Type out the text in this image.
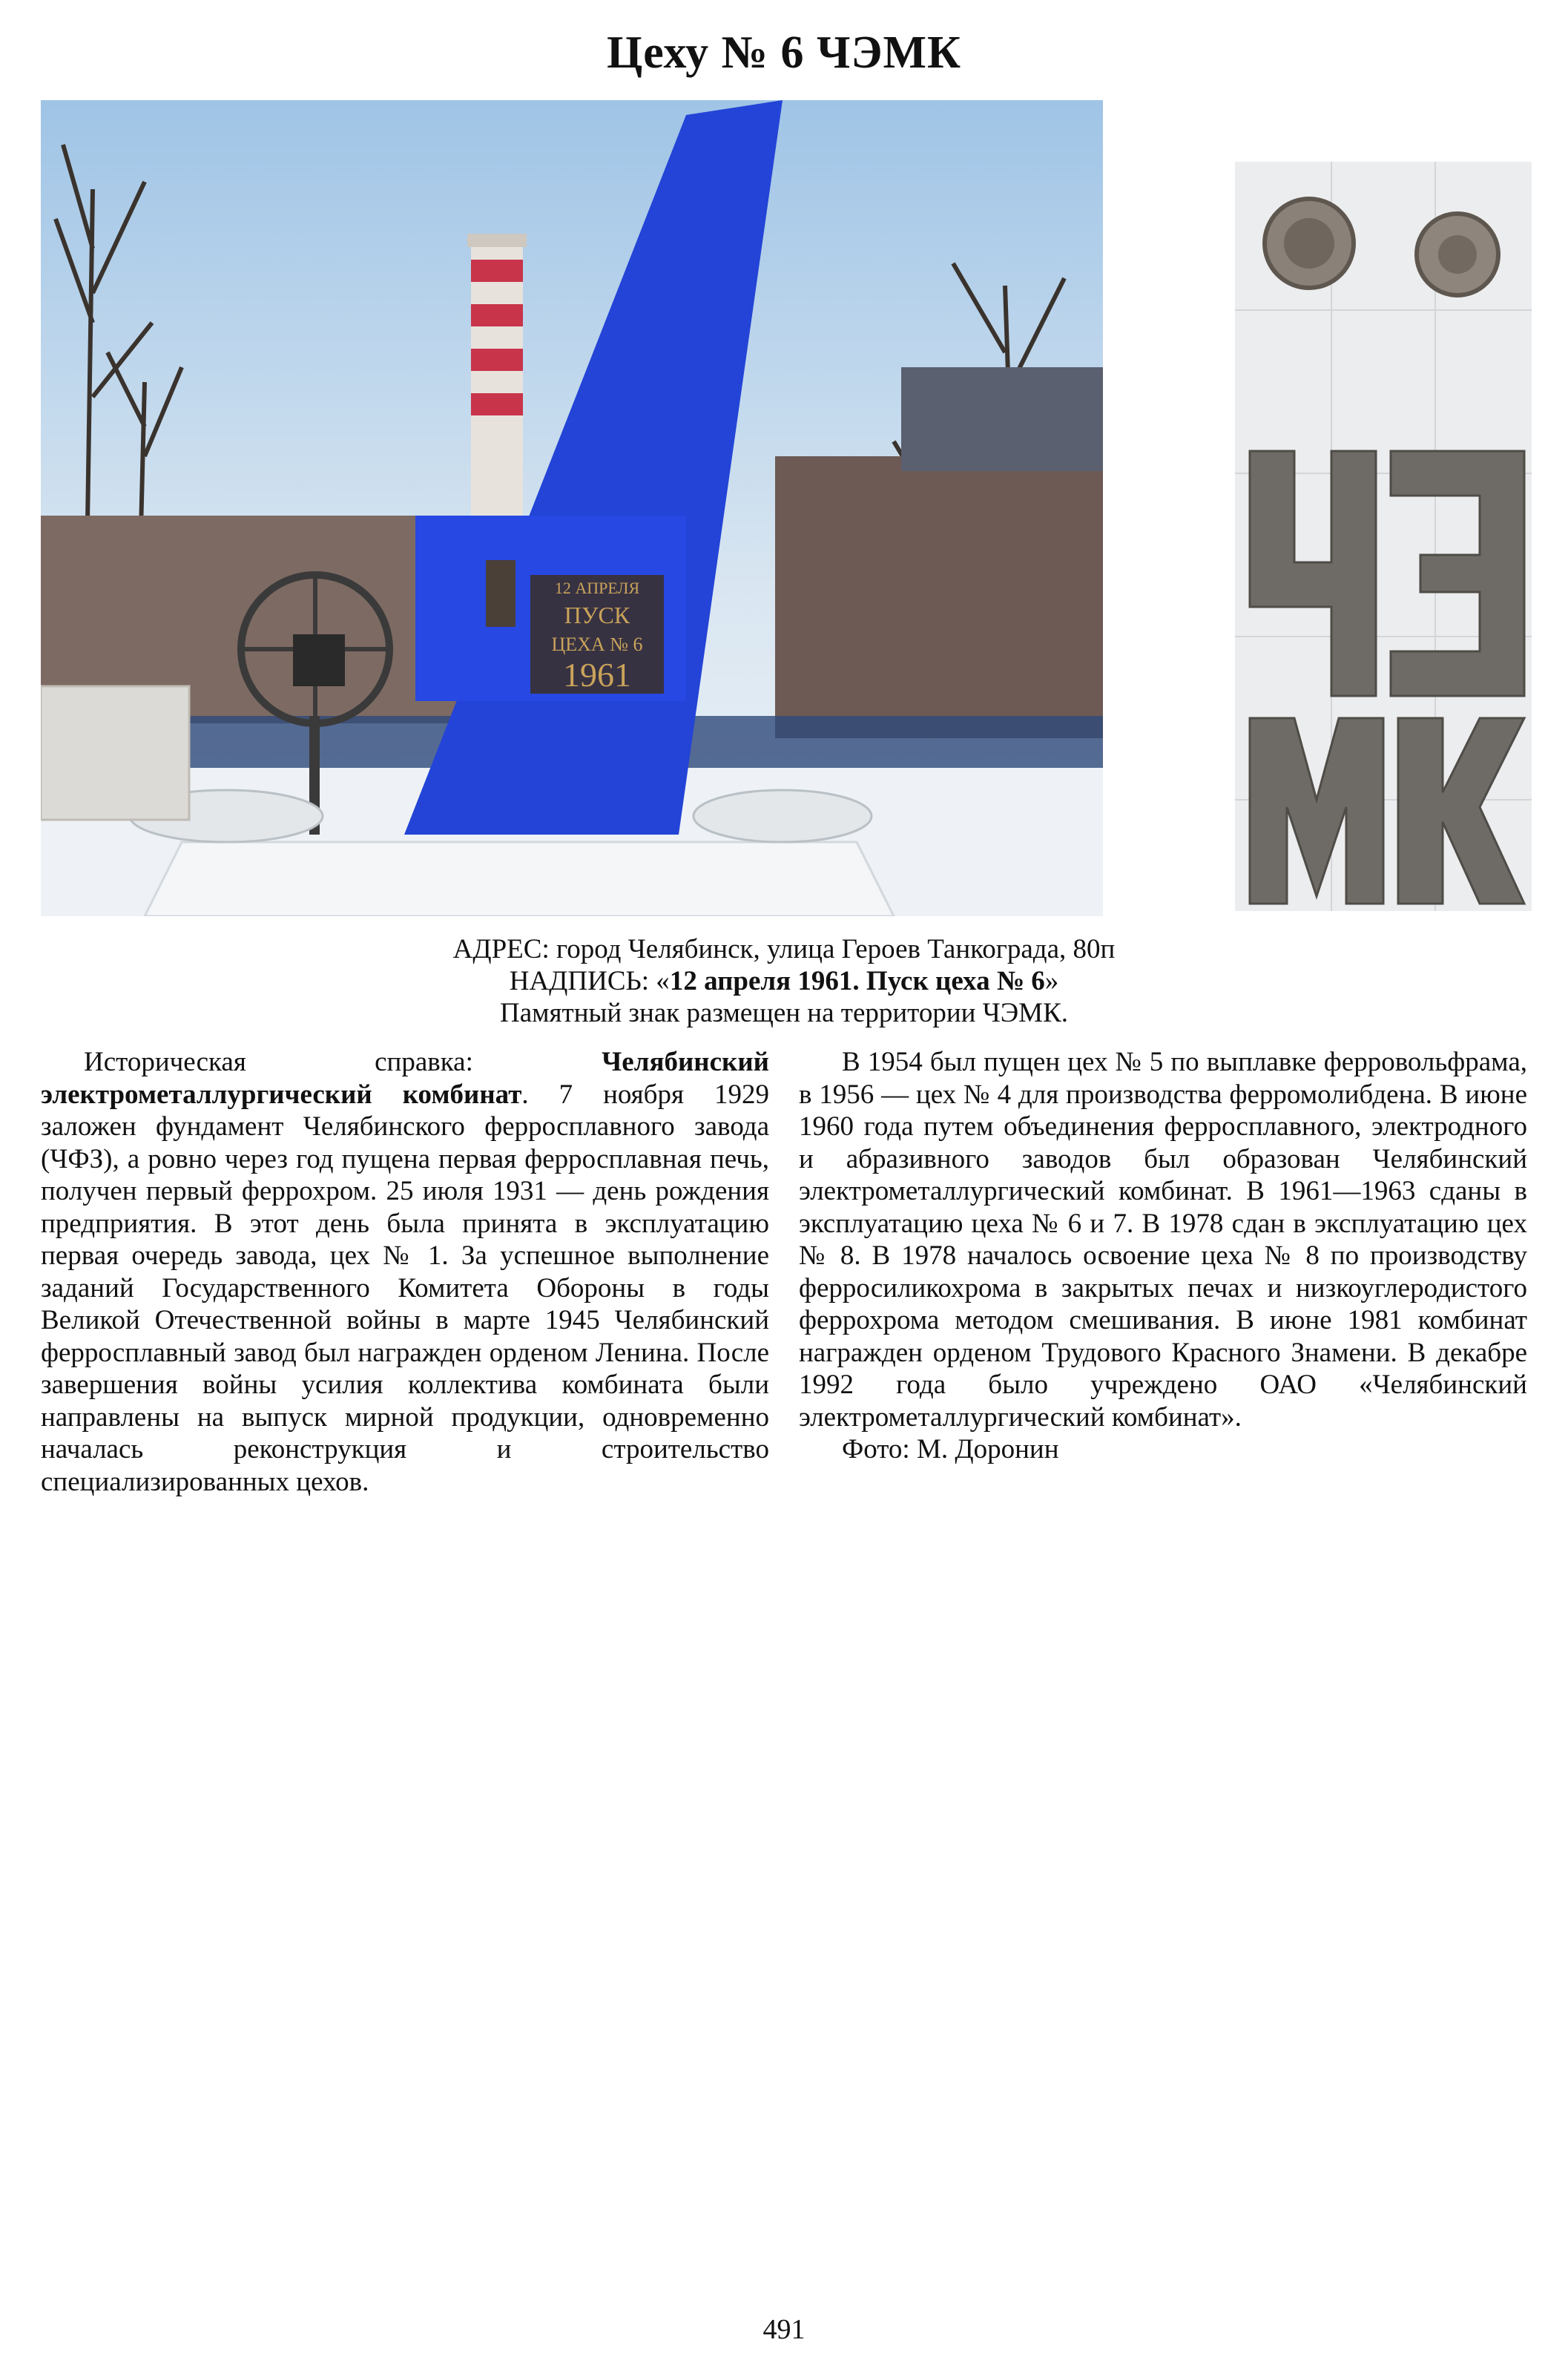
Цеху № 6 ЧЭМК
12 АПРЕЛЯ
ПУСК
ЦЕХА № 6
1961
АДРЕС: город Челябинск, улица Героев Танкограда, 80п
НАДПИСЬ: «12 апреля 1961. Пуск цеха № 6»
Памятный знак размещен на территории ЧЭМК.

Историческая справка: Челябинский электрометаллургический комбинат. 7 ноября 1929 заложен фундамент Челябинского ферросплавного завода (ЧФЗ), а ровно через год пущена первая ферросплавная печь, получен первый феррохром. 25 июля 1931 — день рождения предприятия. В этот день была принята в эксплуатацию первая очередь завода, цех № 1. За успешное выполнение заданий Государственного Комитета Обороны в годы Великой Отечественной войны в марте 1945 Челябинский ферросплавный завод был награжден орденом Ленина. После завершения войны усилия коллектива комбината были направлены на выпуск мирной продукции, одновременно началась реконструкция и строительство специализированных цехов.

В 1954 был пущен цех № 5 по выплавке ферровольфрама, в 1956 — цех № 4 для производства ферромолибдена. В июне 1960 года путем объединения ферросплавного, электродного и абразивного заводов был образован Челябинский электрометаллургический комбинат. В 1961—1963 сданы в эксплуатацию цеха № 6 и 7. В 1978 сдан в эксплуатацию цех № 8. В 1978 началось освоение цеха № 8 по производству ферросиликохрома в закрытых печах и низкоуглеродистого феррохрома методом смешивания. В июне 1981 комбинат награжден орденом Трудового Красного Знамени. В декабре 1992 года было учреждено ОАО «Челябинский электрометаллургический комбинат».

Фото: М. Доронин

491
